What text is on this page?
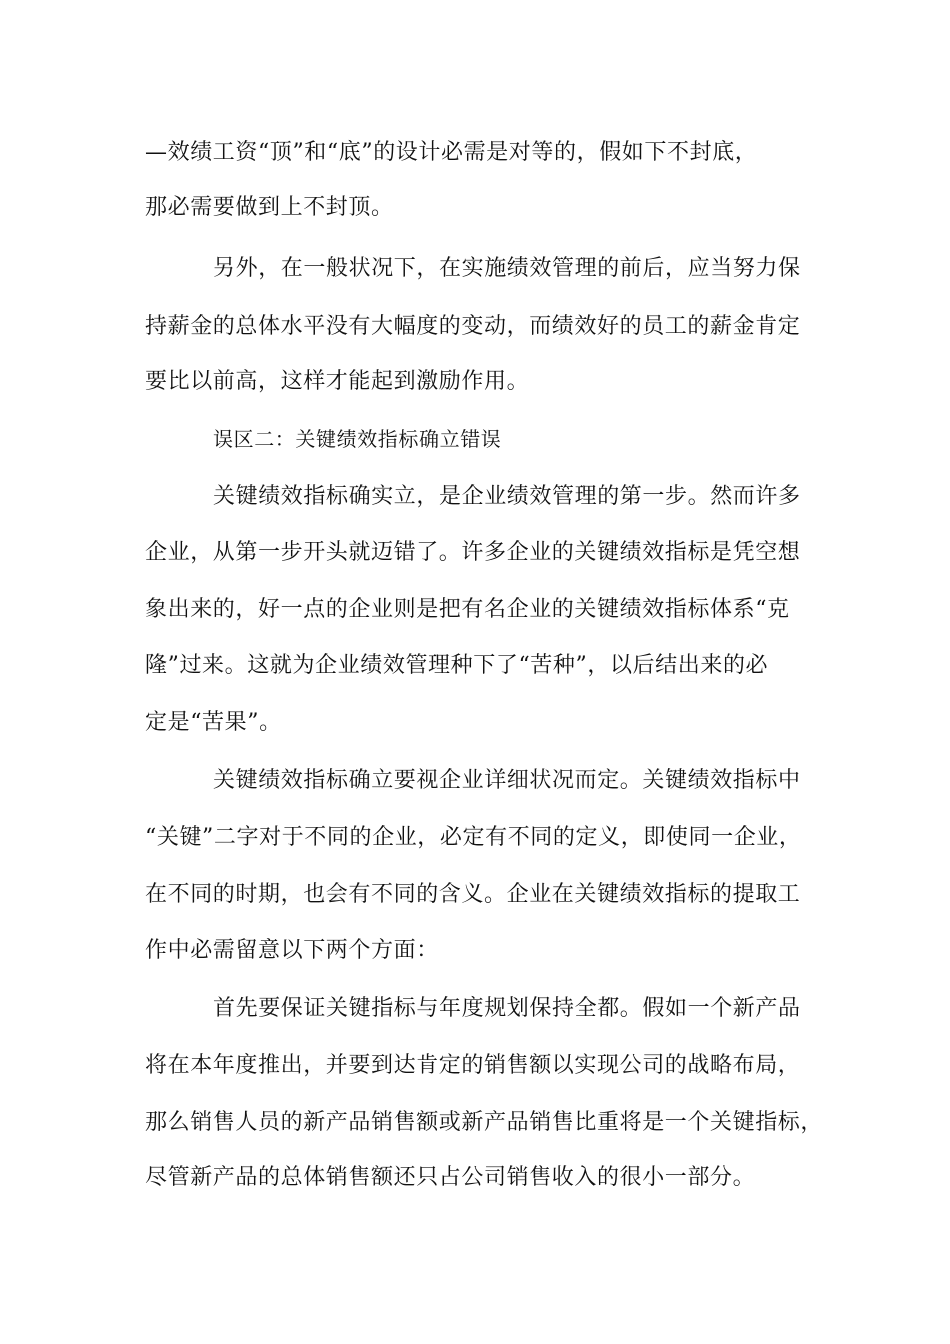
—效绩工资“顶”和“底”的设计必需是对等的，假如下不封底，
那必需要做到上不封顶。
另外，在一般状况下，在实施绩效管理的前后，应当努力保
持薪金的总体水平没有大幅度的变动，而绩效好的员工的薪金肯定
要比以前高，这样才能起到激励作用。
误区二：关键绩效指标确立错误
关键绩效指标确实立，是企业绩效管理的第一步。然而许多
企业，从第一步开头就迈错了。许多企业的关键绩效指标是凭空想
象出来的，好一点的企业则是把有名企业的关键绩效指标体系“克
隆”过来。这就为企业绩效管理种下了“苦种”，以后结出来的必
定是“苦果”。
关键绩效指标确立要视企业详细状况而定。关键绩效指标中
“关键”二字对于不同的企业，必定有不同的定义，即使同一企业，
在不同的时期，也会有不同的含义。企业在关键绩效指标的提取工
作中必需留意以下两个方面：
首先要保证关键指标与年度规划保持全都。假如一个新产品
将在本年度推出，并要到达肯定的销售额以实现公司的战略布局，
那么销售人员的新产品销售额或新产品销售比重将是一个关键指标，
尽管新产品的总体销售额还只占公司销售收入的很小一部分。
